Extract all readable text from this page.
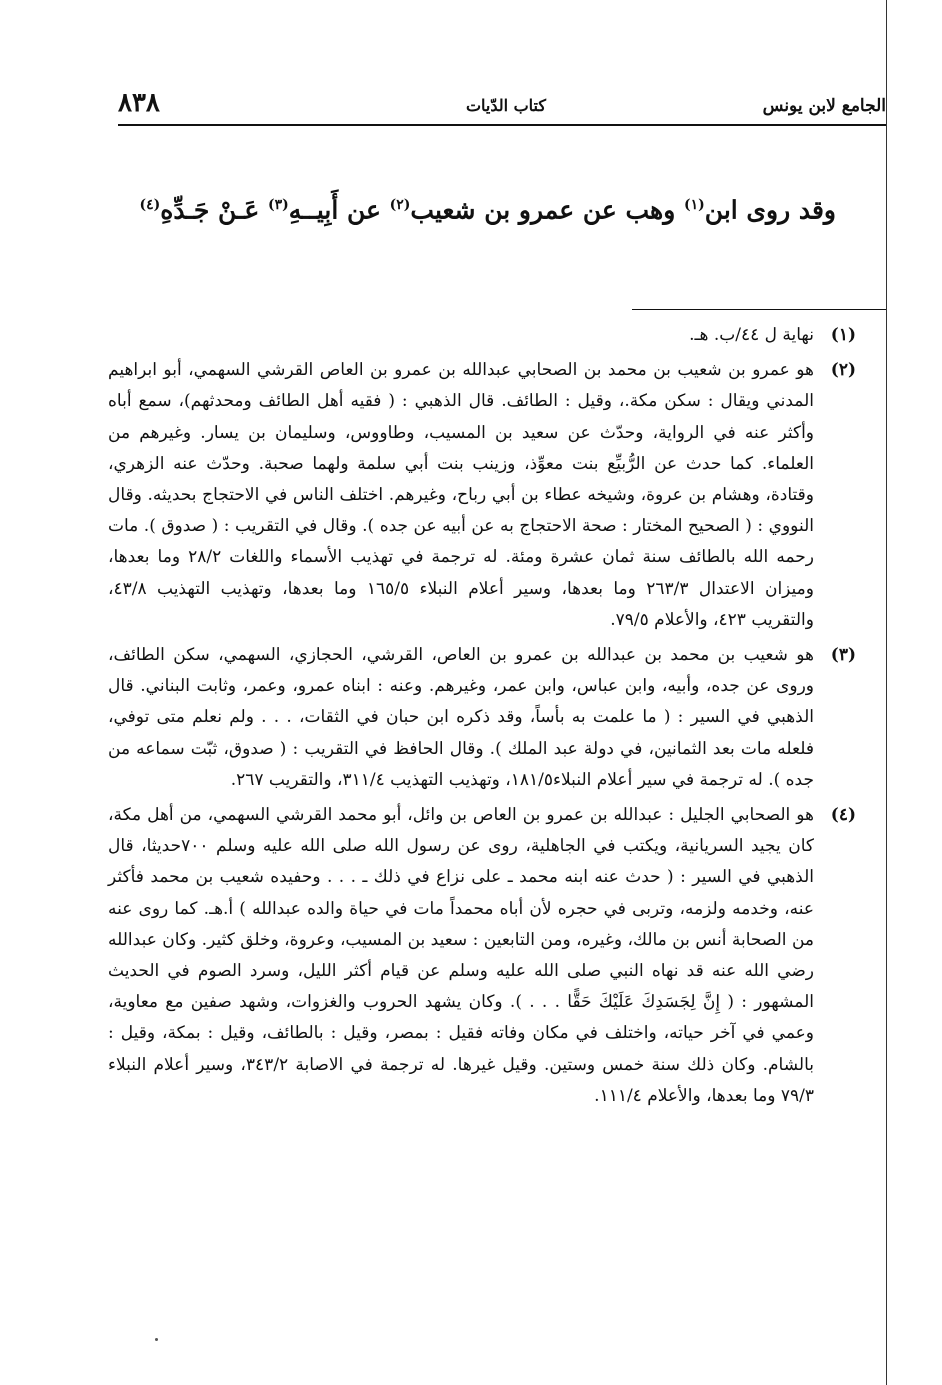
الجامع لابن يونس
كتاب الدّيات
٨٣٨
وقد روى ابن$^{(١)}$ وهب عن عمرو بن شعيب$^{(٢)}$ عن أَبِيــهِ$^{(٣)}$ عَـنْ جَـدِّهِ$^{(٤)}$
(١)
نهاية ل ٤٤/ب. هـ.
(٢)
هو عمرو بن شعيب بن محمد بن الصحابي عبدالله بن عمرو بن العاص القرشي السهمي، أبو ابراهيم المدني ويقال : سكن مكة.، وقيل : الطائف. قال الذهبي : ( فقيه أهل الطائف ومحدثهم)، سمع أباه وأكثر عنه في الرواية، وحدّث عن سعيد بن المسيب، وطاووس، وسليمان بن يسار. وغيرهم من العلماء. كما حدث عن الرُّبيِّع بنت معوِّذ، وزينب بنت أبي سلمة ولهما صحبة. وحدّث عنه الزهري، وقتادة، وهشام بن عروة، وشيخه عطاء بن أبي رباح، وغيرهم. اختلف الناس في الاحتجاج بحديثه. وقال النووي : ( الصحيح المختار : صحة الاحتجاج به عن أبيه عن جده ). وقال في التقريب : ( صدوق ). مات رحمه الله بالطائف سنة ثمان عشرة ومئة. له ترجمة في تهذيب الأسماء واللغات ٢٨/٢ وما بعدها، وميزان الاعتدال ٢٦٣/٣ وما بعدها، وسير أعلام النبلاء ١٦٥/٥ وما بعدها، وتهذيب التهذيب ٤٣/٨، والتقريب ٤٢٣، والأعلام ٧٩/٥.
(٣)
هو شعيب بن محمد بن عبدالله بن عمرو بن العاص، القرشي، الحجازي، السهمي، سكن الطائف، وروى عن جده، وأبيه، وابن عباس، وابن عمر، وغيرهم. وعنه : ابناه عمرو، وعمر، وثابت البناني. قال الذهبي في السير : ( ما علمت به بأساً، وقد ذكره ابن حبان في الثقات، . . . ولم نعلم متى توفي، فلعله مات بعد الثمانين، في دولة عبد الملك ). وقال الحافظ في التقريب : ( صدوق، ثبّت سماعه من جده ). له ترجمة في سير أعلام النبلاء١٨١/٥، وتهذيب التهذيب ٣١١/٤، والتقريب ٢٦٧.
(٤)
هو الصحابي الجليل : عبدالله بن عمرو بن العاص بن وائل، أبو محمد القرشي السهمي، من أهل مكة، كان يجيد السريانية، ويكتب في الجاهلية، روى عن رسول الله صلى الله عليه وسلم ٧٠٠حديثا، قال الذهبي في السير : ( حدث عنه ابنه محمد ـ على نزاع في ذلك ـ . . . وحفيده شعيب بن محمد فأكثر عنه، وخدمه ولزمه، وتربى في حجره لأن أباه محمداً مات في حياة والده عبدالله ) أ.هـ. كما روى عنه من الصحابة أنس بن مالك، وغيره، ومن التابعين : سعيد بن المسيب، وعروة، وخلق كثير. وكان عبدالله رضي الله عنه قد نهاه النبي صلى الله عليه وسلم عن قيام أكثر الليل، وسرد الصوم في الحديث المشهور : ( إِنَّ لِجَسَدِكَ عَلَيْكَ حَقًّا . . . ). وكان يشهد الحروب والغزوات، وشهد صفين مع معاوية، وعمي في آخر حياته، واختلف في مكان وفاته فقيل : بمصر، وقيل : بالطائف، وقيل : بمكة، وقيل : بالشام. وكان ذلك سنة خمس وستين. وقيل غيرها. له ترجمة في الاصابة ٣٤٣/٢، وسير أعلام النبلاء ٧٩/٣ وما بعدها، والأعلام ١١١/٤.
